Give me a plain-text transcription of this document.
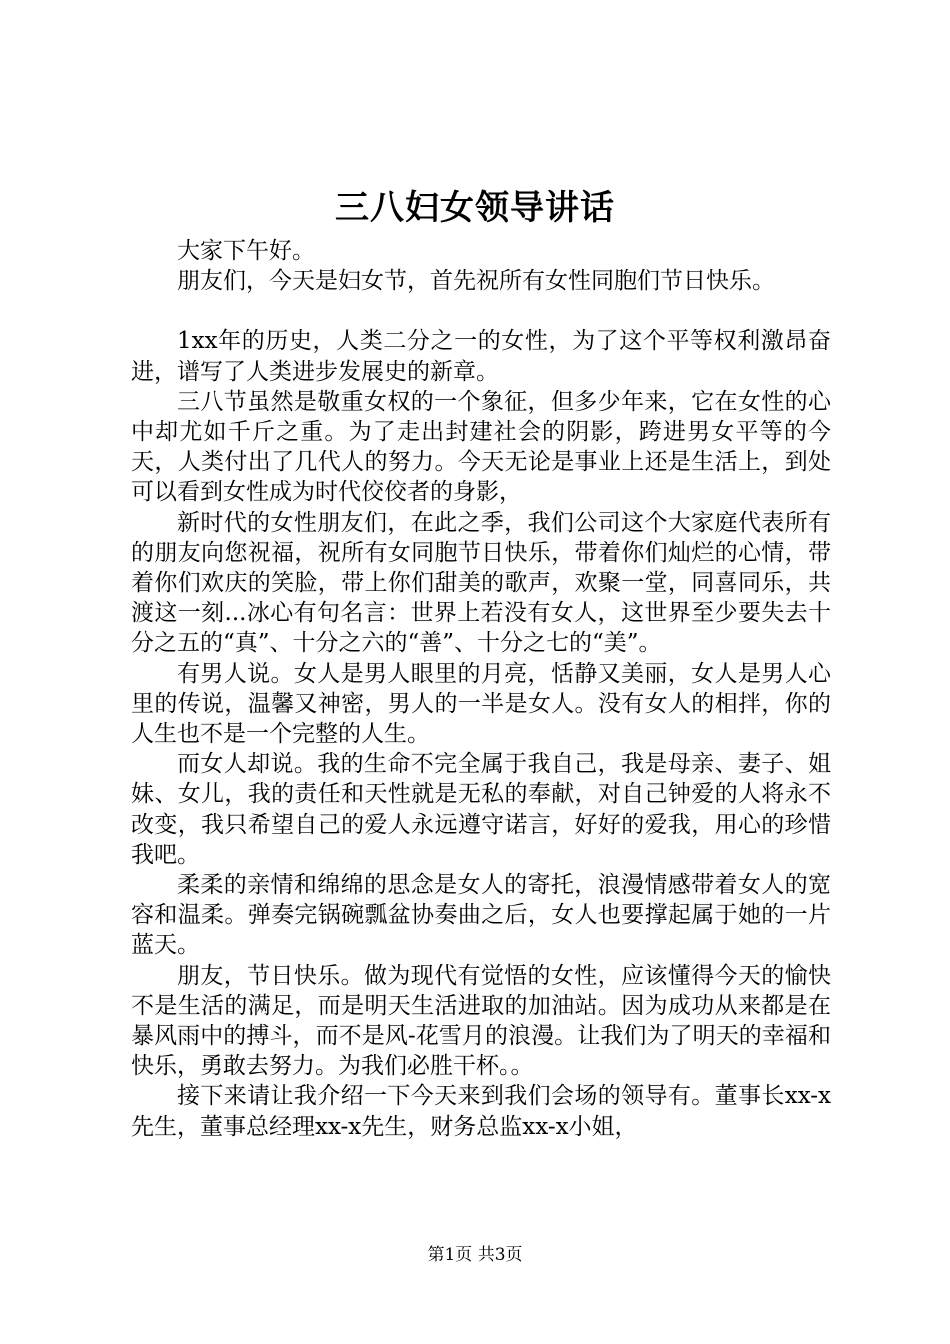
三八妇女领导讲话

大家下午好。

朋友们，今天是妇女节，首先祝所有女性同胞们节日快乐。

1xx年的历史，人类二分之一的女性，为了这个平等权利激昂奋进，谱写了人类进步发展史的新章。

三八节虽然是敬重女权的一个象征，但多少年来，它在女性的心中却尤如千斤之重。为了走出封建社会的阴影，跨进男女平等的今天，人类付出了几代人的努力。今天无论是事业上还是生活上，到处可以看到女性成为时代佼佼者的身影，

新时代的女性朋友们，在此之季，我们公司这个大家庭代表所有的朋友向您祝福，祝所有女同胞节日快乐，带着你们灿烂的心情，带着你们欢庆的笑脸，带上你们甜美的歌声，欢聚一堂，同喜同乐，共渡这一刻...冰心有句名言：世界上若没有女人，这世界至少要失去十分之五的“真”、十分之六的“善”、十分之七的“美”。

有男人说。女人是男人眼里的月亮，恬静又美丽，女人是男人心里的传说，温馨又神密，男人的一半是女人。没有女人的相拌，你的人生也不是一个完整的人生。

而女人却说。我的生命不完全属于我自己，我是母亲、妻子、姐妹、女儿，我的责任和天性就是无私的奉献，对自己钟爱的人将永不改变，我只希望自己的爱人永远遵守诺言，好好的爱我，用心的珍惜我吧。

柔柔的亲情和绵绵的思念是女人的寄托，浪漫情感带着女人的宽容和温柔。弹奏完锅碗瓢盆协奏曲之后，女人也要撑起属于她的一片蓝天。

朋友，节日快乐。做为现代有觉悟的女性，应该懂得今天的愉快不是生活的满足，而是明天生活进取的加油站。因为成功从来都是在暴风雨中的搏斗，而不是风-花雪月的浪漫。让我们为了明天的幸福和快乐，勇敢去努力。为我们必胜干杯。。

接下来请让我介绍一下今天来到我们会场的领导有。董事长xx-x先生，董事总经理xx-x先生，财务总监xx-x小姐，

第1页 共3页
